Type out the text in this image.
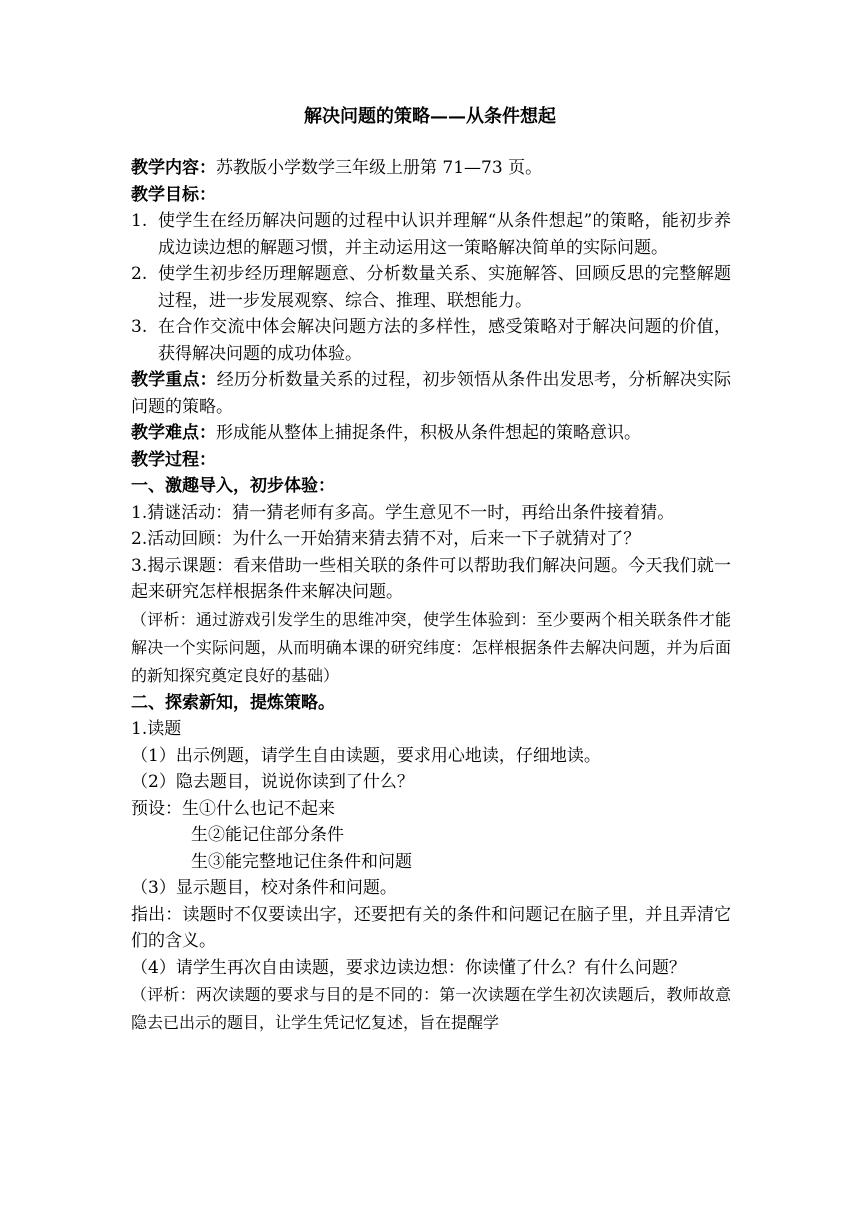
解决问题的策略——从条件想起

教学内容：苏教版小学数学三年级上册第 71—73 页。

教学目标：

1. 使学生在经历解决问题的过程中认识并理解“从条件想起”的策略，能初步养成边读边想的解题习惯，并主动运用这一策略解决简单的实际问题。
2. 使学生初步经历理解题意、分析数量关系、实施解答、回顾反思的完整解题过程，进一步发展观察、综合、推理、联想能力。
3. 在合作交流中体会解决问题方法的多样性，感受策略对于解决问题的价值，获得解决问题的成功体验。

教学重点：经历分析数量关系的过程，初步领悟从条件出发思考，分析解决实际问题的策略。

教学难点：形成能从整体上捕捉条件，积极从条件想起的策略意识。

教学过程：

一、激趣导入，初步体验：

1.猜谜活动：猜一猜老师有多高。学生意见不一时，再给出条件接着猜。

2.活动回顾：为什么一开始猜来猜去猜不对，后来一下子就猜对了？

3.揭示课题：看来借助一些相关联的条件可以帮助我们解决问题。今天我们就一起来研究怎样根据条件来解决问题。

（评析：通过游戏引发学生的思维冲突，使学生体验到：至少要两个相关联条件才能解决一个实际问题，从而明确本课的研究纬度：怎样根据条件去解决问题，并为后面的新知探究奠定良好的基础）

二、探索新知，提炼策略。

1.读题

（1）出示例题，请学生自由读题，要求用心地读，仔细地读。

（2）隐去题目，说说你读到了什么？

预设：生①什么也记不起来

生②能记住部分条件

生③能完整地记住条件和问题

（3）显示题目，校对条件和问题。

指出：读题时不仅要读出字，还要把有关的条件和问题记在脑子里，并且弄清它们的含义。

（4）请学生再次自由读题，要求边读边想：你读懂了什么？有什么问题？

（评析：两次读题的要求与目的是不同的：第一次读题在学生初次读题后，教师故意隐去已出示的题目，让学生凭记忆复述，旨在提醒学
